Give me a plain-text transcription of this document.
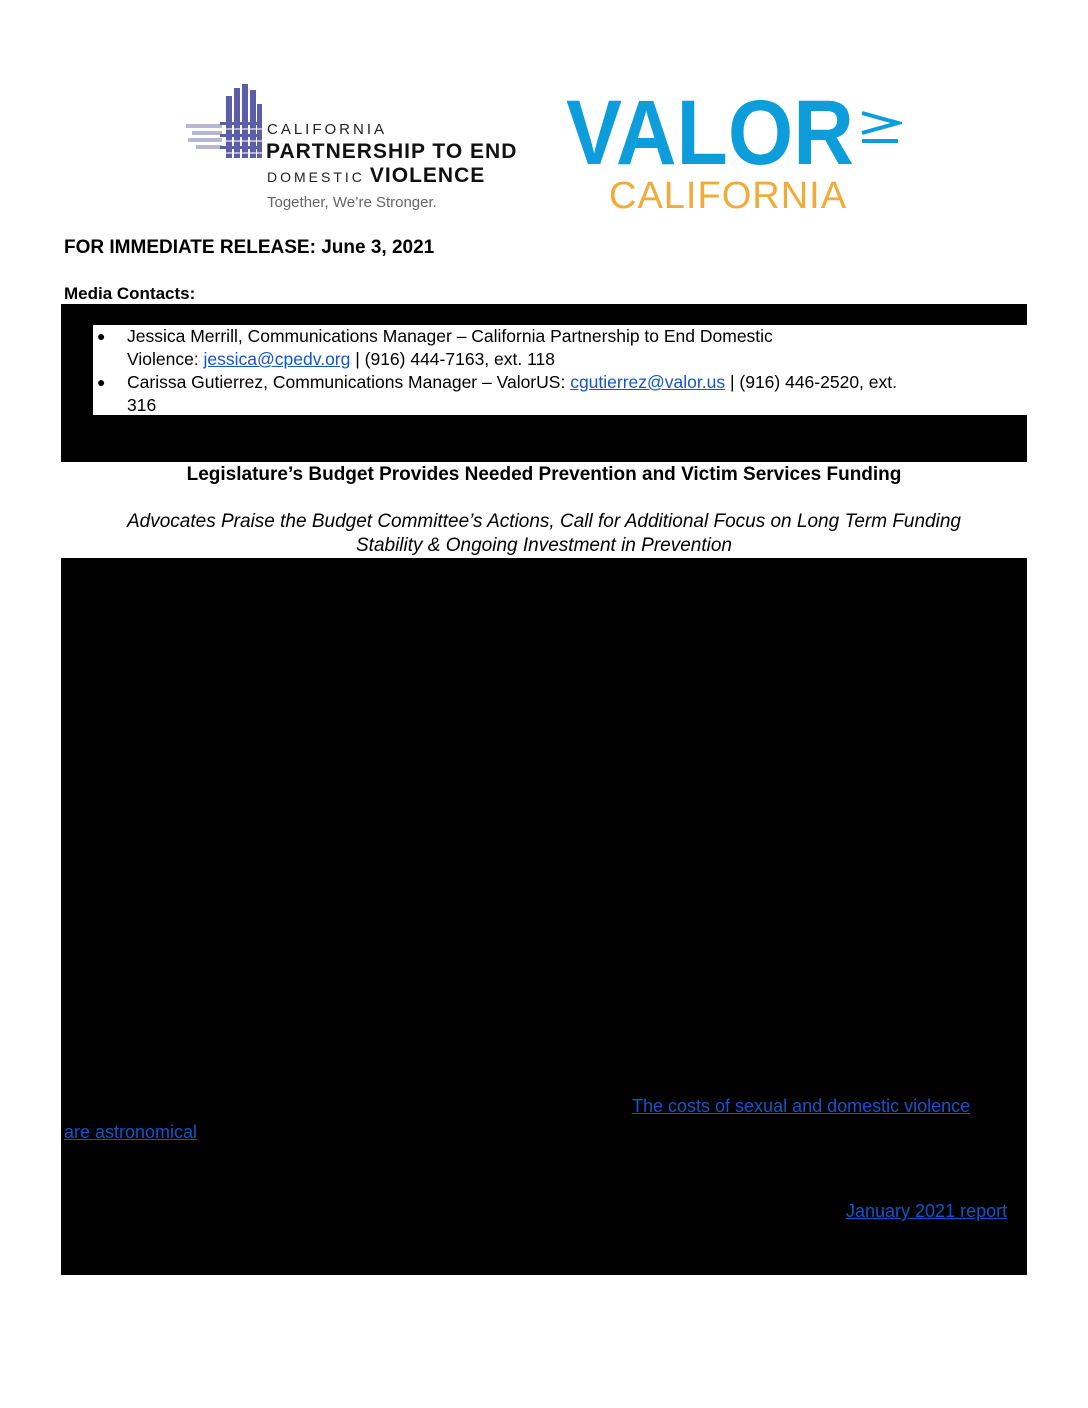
CALIFORNIA
PARTNERSHIP TO END
DOMESTIC VIOLENCE
Together, We’re Stronger.
VALOR
CALIFORNIA
FOR IMMEDIATE RELEASE: June 3, 2021
Media Contacts:
● Jessica Merrill, Communications Manager – California Partnership to End Domestic
Violence: jessica@cpedv.org | (916) 444-7163, ext. 118
● Carissa Gutierrez, Communications Manager – ValorUS: cgutierrez@valor.us | (916) 446-2520, ext.
316
Legislature’s Budget Provides Needed Prevention and Victim Services Funding
Advocates Praise the Budget Committee’s Actions, Call for Additional Focus on Long Term Funding
Stability & Ongoing Investment in Prevention
The costs of sexual and domestic violence
are astronomical
January 2021 report
